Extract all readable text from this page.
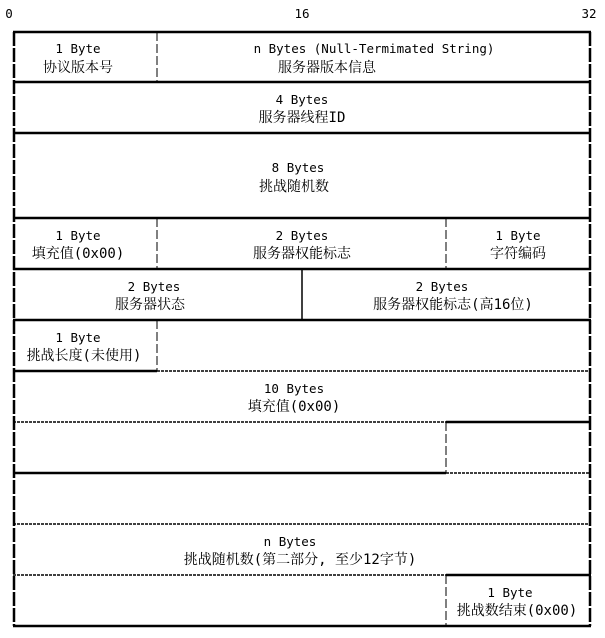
0	16	32
1 Byte
协议版本号
n Bytes (Null-Termimated String)
服务器版本信息
4 Bytes
服务器线程ID
8 Bytes
挑战随机数
1 Byte
填充值(0x00)
2 Bytes
服务器权能标志
1 Byte
字符编码
2 Bytes
服务器状态
2 Bytes
服务器权能标志(高16位)
1 Byte
挑战长度(未使用)
10 Bytes
填充值(0x00)
n Bytes
挑战随机数(第二部分, 至少12字节)
1 Byte
挑战数结束(0x00)
